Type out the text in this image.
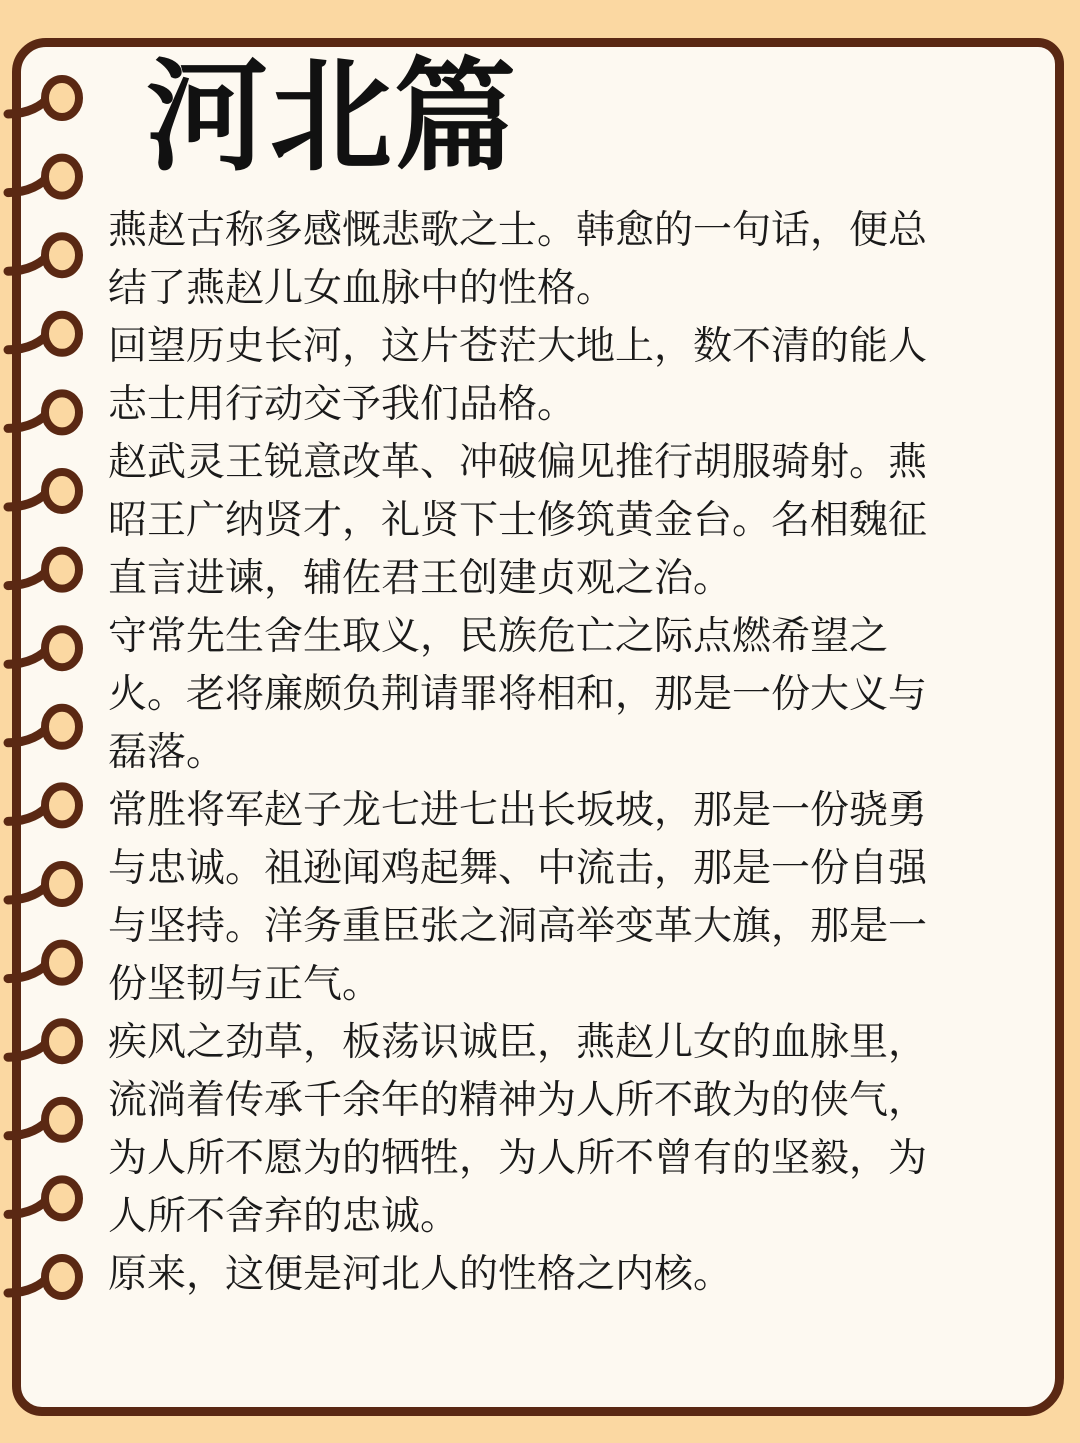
河北篇

燕赵古称多感慨悲歌之士。韩愈的一句话，便总
结了燕赵儿女血脉中的性格。

回望历史长河，这片苍茫大地上，数不清的能人
志士用行动交予我们品格。

赵武灵王锐意改革、冲破偏见推行胡服骑射。燕
昭王广纳贤才，礼贤下士修筑黄金台。名相魏征
直言进谏，辅佐君王创建贞观之治。

守常先生舍生取义，民族危亡之际点燃希望之
火。老将廉颇负荆请罪将相和，那是一份大义与
磊落。

常胜将军赵子龙七进七出长坂坡，那是一份骁勇
与忠诚。祖逊闻鸡起舞、中流击，那是一份自强
与坚持。洋务重臣张之洞高举变革大旗，那是一
份坚韧与正气。

疾风之劲草，板荡识诚臣，燕赵儿女的血脉里，
流淌着传承千余年的精神为人所不敢为的侠气，
为人所不愿为的牺牲，为人所不曾有的坚毅，为
人所不舍弃的忠诚。

原来，这便是河北人的性格之内核。
